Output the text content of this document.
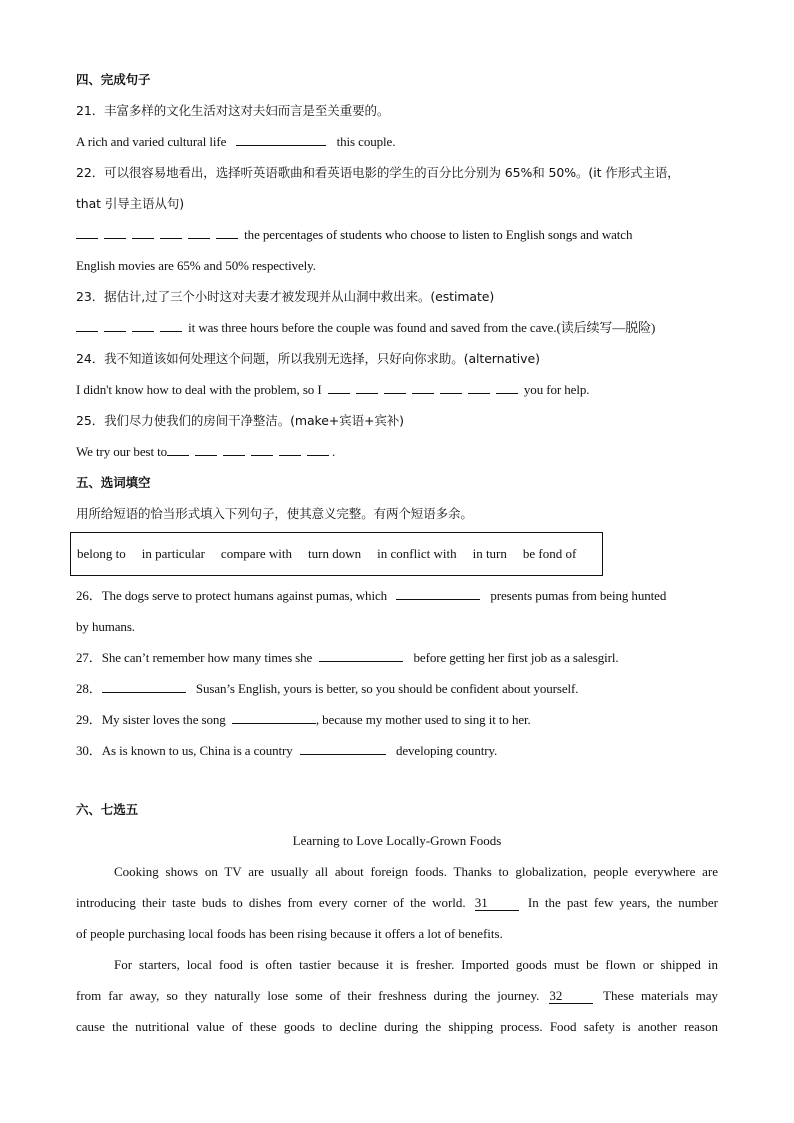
四、完成句子
21．丰富多样的文化生活对这对夫妇而言是至关重要的。
A rich and varied cultural life	this couple.
22．可以很容易地看出，选择听英语歌曲和看英语电影的学生的百分比分别为 65%和 50%。(it 作形式主语，
that 引导主语从句)
the percentages of students who choose to listen to English songs and watch
English movies are 65% and 50% respectively.
23．据估计,过了三个小时这对夫妻才被发现并从山洞中救出来。(estimate)
it was three hours before the couple was found and saved from the cave.(读后续写—脱险)
24．我不知道该如何处理这个问题，所以我别无选择，只好向你求助。(alternative)
I didn't know how to deal with the problem, so I	you for help.
25．我们尽力使我们的房间干净整洁。(make+宾语+宾补)
We try our best to	.
五、选词填空
用所给短语的恰当形式填入下列句子，使其意义完整。有两个短语多余。
belong to in particular compare with turn down in conflict with in turn be fond of
26．The dogs serve to protect humans against pumas, which	presents pumas from being hunted
by humans.
27．She can’t remember how many times she	before getting her first job as a salesgirl.
28．	Susan’s English, yours is better, so you should be confident about yourself.
29．My sister loves the song	, because my mother used to sing it to her.
30．As is known to us, China is a country	developing country.
六、七选五
Learning to Love Locally-Grown Foods
Cooking shows on TV are usually all about foreign foods. Thanks to globalization, people everywhere are
introducing their taste buds to dishes from every corner of the world. 31	In the past few years, the number
of people purchasing local foods has been rising because it offers a lot of benefits.
For starters, local food is often tastier because it is fresher. Imported goods must be flown or shipped in
from far away, so they naturally lose some of their freshness during the journey. 32	These materials may
cause the nutritional value of these goods to decline during the shipping process. Food safety is another reason
